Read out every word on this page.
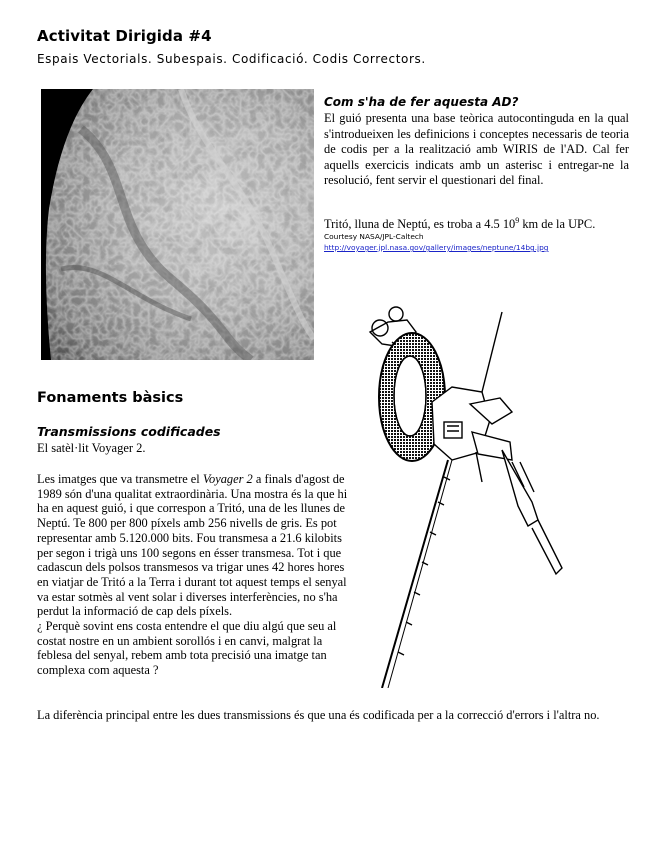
Activitat Dirigida #4
Espais Vectorials. Subespais. Codificació. Codis Correctors.
Com s'ha de fer aquesta AD?

El guió presenta una base teòrica autocontinguda en la qual s'introdueixen les definicions i conceptes necessaris de teoria de codis per a la realització amb WIRIS de l'AD. Cal fer aquells exercicis indicats amb un asterisc i entregar-ne la resolució, fent servir el questionari del final.

Tritó, lluna de Neptú, es troba a 4.5 $10^9$ km de la UPC.
Courtesy NASA/JPL-Caltech
http://voyager.jpl.nasa.gov/gallery/images/neptune/14bg.jpg
Fonaments bàsics
Transmissions codificades
El satèl·lit Voyager 2.

Les imatges que va transmetre el Voyager 2 a finals d'agost de 1989 són d'una qualitat extraordinària. Una mostra és la que hi ha en aquest guió, i que correspon a Tritó, una de les llunes de Neptú. Te 800 per 800 píxels amb 256 nivells de gris. Es pot representar amb 5.120.000 bits. Fou transmesa a 21.6 kilobits per segon i trigà uns 100 segons en ésser transmesa. Tot i que cadascun dels polsos transmesos va trigar unes 42 hores hores en viatjar de Tritó a la Terra i durant tot aquest temps el senyal va estar sotmès al vent solar i diverses interferències, no s'ha perdut la informació de cap dels píxels.

¿ Perquè sovint ens costa entendre el que diu algú que seu al costat nostre en un ambient sorollós i en canvi, malgrat la feblesa del senyal, rebem amb tota precisió una imatge tan complexa com aquesta ?

La diferència principal entre les dues transmissions és que una és codificada per a la correcció d'errors i l'altra no.
